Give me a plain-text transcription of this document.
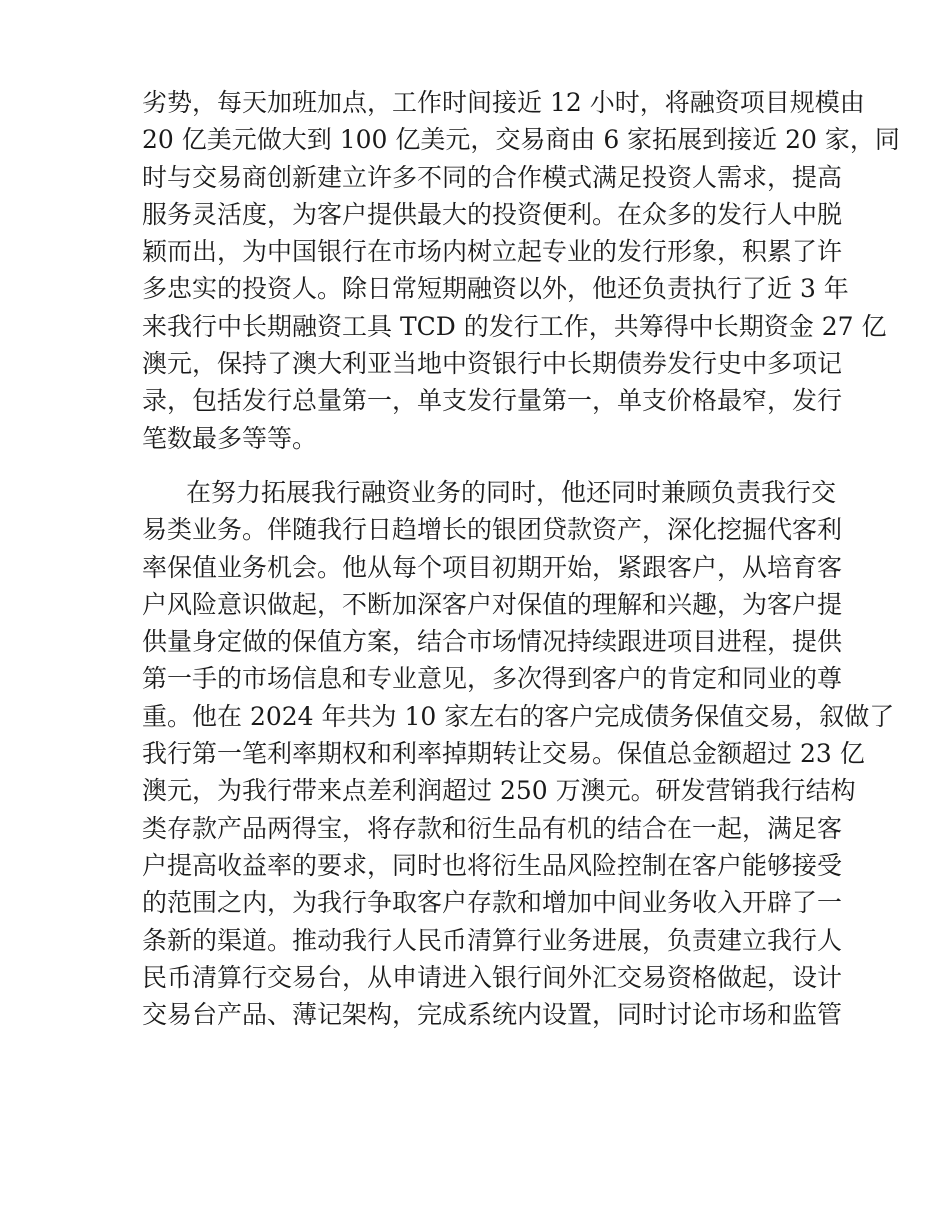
劣势，每天加班加点，工作时间接近 12 小时，将融资项目规模由
20 亿美元做大到 100 亿美元，交易商由 6 家拓展到接近 20 家，同
时与交易商创新建立许多不同的合作模式满足投资人需求，提高
服务灵活度，为客户提供最大的投资便利。在众多的发行人中脱
颖而出，为中国银行在市场内树立起专业的发行形象，积累了许
多忠实的投资人。除日常短期融资以外，他还负责执行了近 3 年
来我行中长期融资工具 TCD 的发行工作，共筹得中长期资金 27 亿
澳元，保持了澳大利亚当地中资银行中长期债券发行史中多项记
录，包括发行总量第一，单支发行量第一，单支价格最窄，发行
笔数最多等等。
在努力拓展我行融资业务的同时，他还同时兼顾负责我行交
易类业务。伴随我行日趋增长的银团贷款资产，深化挖掘代客利
率保值业务机会。他从每个项目初期开始，紧跟客户，从培育客
户风险意识做起，不断加深客户对保值的理解和兴趣，为客户提
供量身定做的保值方案，结合市场情况持续跟进项目进程，提供
第一手的市场信息和专业意见，多次得到客户的肯定和同业的尊
重。他在 2024 年共为 10 家左右的客户完成债务保值交易，叙做了
我行第一笔利率期权和利率掉期转让交易。保值总金额超过 23 亿
澳元，为我行带来点差利润超过 250 万澳元。研发营销我行结构
类存款产品两得宝，将存款和衍生品有机的结合在一起，满足客
户提高收益率的要求，同时也将衍生品风险控制在客户能够接受
的范围之内，为我行争取客户存款和增加中间业务收入开辟了一
条新的渠道。推动我行人民币清算行业务进展，负责建立我行人
民币清算行交易台，从申请进入银行间外汇交易资格做起，设计
交易台产品、薄记架构，完成系统内设置，同时讨论市场和监管
